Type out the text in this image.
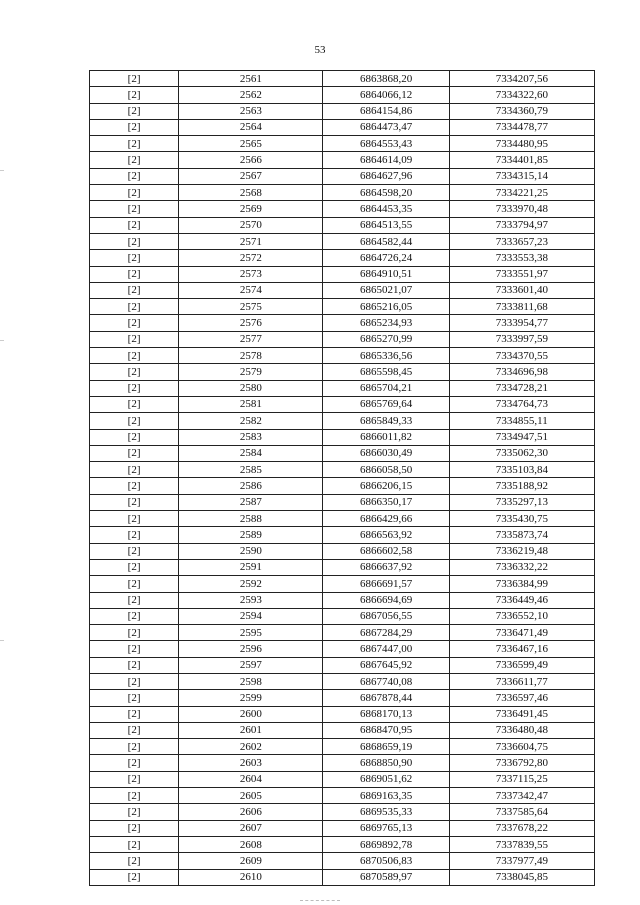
53
[2]	2561	6863868,20	7334207,56
[2]	2562	6864066,12	7334322,60
[2]	2563	6864154,86	7334360,79
[2]	2564	6864473,47	7334478,77
[2]	2565	6864553,43	7334480,95
[2]	2566	6864614,09	7334401,85
[2]	2567	6864627,96	7334315,14
[2]	2568	6864598,20	7334221,25
[2]	2569	6864453,35	7333970,48
[2]	2570	6864513,55	7333794,97
[2]	2571	6864582,44	7333657,23
[2]	2572	6864726,24	7333553,38
[2]	2573	6864910,51	7333551,97
[2]	2574	6865021,07	7333601,40
[2]	2575	6865216,05	7333811,68
[2]	2576	6865234,93	7333954,77
[2]	2577	6865270,99	7333997,59
[2]	2578	6865336,56	7334370,55
[2]	2579	6865598,45	7334696,98
[2]	2580	6865704,21	7334728,21
[2]	2581	6865769,64	7334764,73
[2]	2582	6865849,33	7334855,11
[2]	2583	6866011,82	7334947,51
[2]	2584	6866030,49	7335062,30
[2]	2585	6866058,50	7335103,84
[2]	2586	6866206,15	7335188,92
[2]	2587	6866350,17	7335297,13
[2]	2588	6866429,66	7335430,75
[2]	2589	6866563,92	7335873,74
[2]	2590	6866602,58	7336219,48
[2]	2591	6866637,92	7336332,22
[2]	2592	6866691,57	7336384,99
[2]	2593	6866694,69	7336449,46
[2]	2594	6867056,55	7336552,10
[2]	2595	6867284,29	7336471,49
[2]	2596	6867447,00	7336467,16
[2]	2597	6867645,92	7336599,49
[2]	2598	6867740,08	7336611,77
[2]	2599	6867878,44	7336597,46
[2]	2600	6868170,13	7336491,45
[2]	2601	6868470,95	7336480,48
[2]	2602	6868659,19	7336604,75
[2]	2603	6868850,90	7336792,80
[2]	2604	6869051,62	7337115,25
[2]	2605	6869163,35	7337342,47
[2]	2606	6869535,33	7337585,64
[2]	2607	6869765,13	7337678,22
[2]	2608	6869892,78	7337839,55
[2]	2609	6870506,83	7337977,49
[2]	2610	6870589,97	7338045,85
